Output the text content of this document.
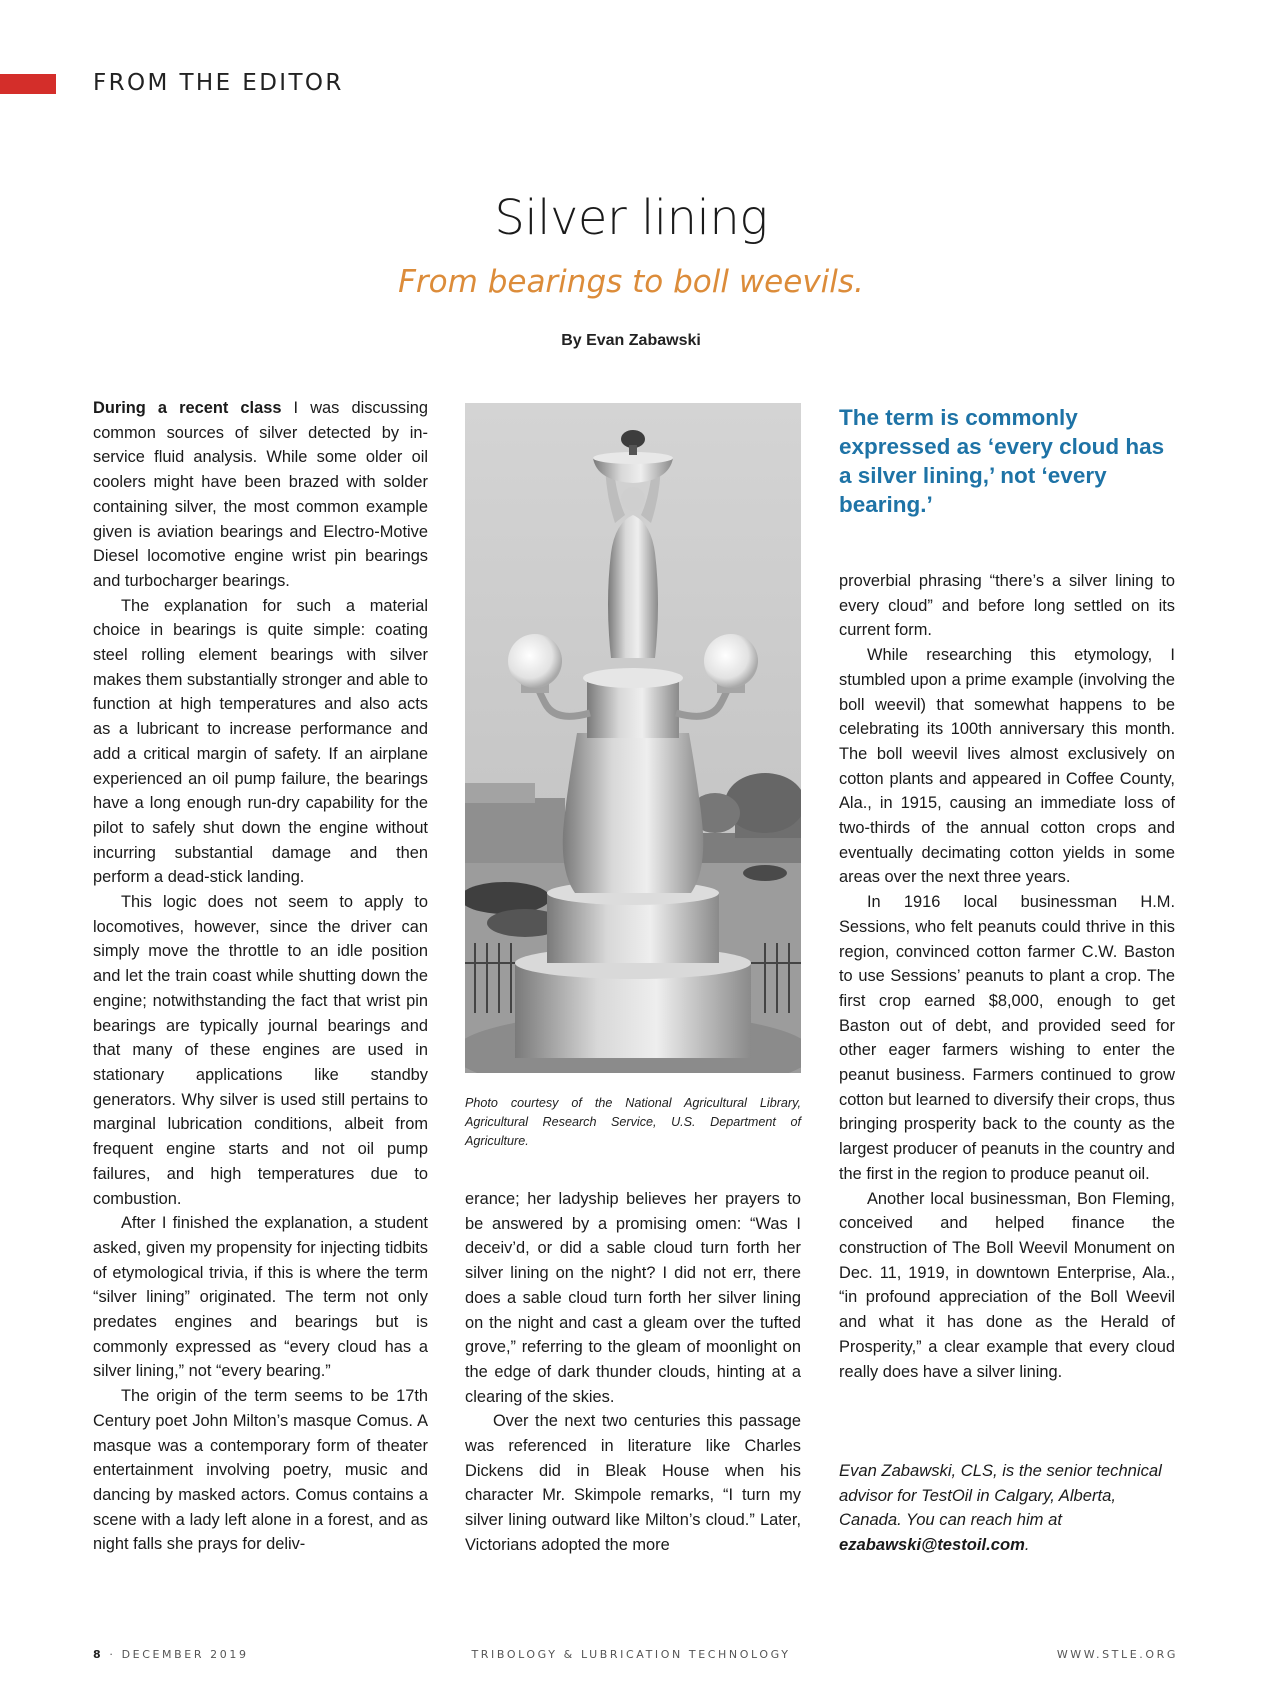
FROM THE EDITOR
Silver lining
From bearings to boll weevils.
By Evan Zabawski

During a recent class I was discussing common sources of silver detected by in-service fluid analysis. While some older oil coolers might have been brazed with solder containing silver, the most common example given is aviation bearings and Electro-Motive Diesel locomotive engine wrist pin bearings and turbocharger bearings.

The explanation for such a material choice in bearings is quite simple: coating steel rolling element bearings with silver makes them substantially stronger and able to function at high temperatures and also acts as a lubricant to increase performance and add a critical margin of safety. If an airplane experienced an oil pump failure, the bearings have a long enough run-dry capability for the pilot to safely shut down the engine without incurring substantial damage and then perform a dead-stick landing.

This logic does not seem to apply to locomotives, however, since the driver can simply move the throttle to an idle position and let the train coast while shutting down the engine; notwithstanding the fact that wrist pin bearings are typically journal bearings and that many of these engines are used in stationary applications like standby generators. Why silver is used still pertains to marginal lubrication conditions, albeit from frequent engine starts and not oil pump failures, and high temperatures due to combustion.

After I finished the explanation, a student asked, given my propensity for injecting tidbits of etymological trivia, if this is where the term “silver lining” originated. The term not only predates engines and bearings but is commonly expressed as “every cloud has a silver lining,” not “every bearing.”

The origin of the term seems to be 17th Century poet John Milton’s masque Comus. A masque was a contemporary form of theater entertainment involving poetry, music and dancing by masked actors. Comus contains a scene with a lady left alone in a forest, and as night falls she prays for deliv-

Photo courtesy of the National Agricultural Library, Agricultural Research Service, U.S. Department of Agriculture.

erance; her ladyship believes her prayers to be answered by a promising omen: “Was I deceiv’d, or did a sable cloud turn forth her silver lining on the night? I did not err, there does a sable cloud turn forth her silver lining on the night and cast a gleam over the tufted grove,” referring to the gleam of moonlight on the edge of dark thunder clouds, hinting at a clearing of the skies.

Over the next two centuries this passage was referenced in literature like Charles Dickens did in Bleak House when his character Mr. Skimpole remarks, “I turn my silver lining outward like Milton’s cloud.” Later, Victorians adopted the more

The term is commonly expressed as ‘every cloud has a silver lining,’ not ‘every bearing.’

proverbial phrasing “there’s a silver lining to every cloud” and before long settled on its current form.

While researching this etymology, I stumbled upon a prime example (involving the boll weevil) that somewhat happens to be celebrating its 100th anniversary this month. The boll weevil lives almost exclusively on cotton plants and appeared in Coffee County, Ala., in 1915, causing an immediate loss of two-thirds of the annual cotton crops and eventually decimating cotton yields in some areas over the next three years.

In 1916 local businessman H.M. Sessions, who felt peanuts could thrive in this region, convinced cotton farmer C.W. Baston to use Sessions’ peanuts to plant a crop. The first crop earned $8,000, enough to get Baston out of debt, and provided seed for other eager farmers wishing to enter the peanut business. Farmers continued to grow cotton but learned to diversify their crops, thus bringing prosperity back to the county as the largest producer of peanuts in the country and the first in the region to produce peanut oil.

Another local businessman, Bon Fleming, conceived and helped finance the construction of The Boll Weevil Monument on Dec. 11, 1919, in downtown Enterprise, Ala., “in profound appreciation of the Boll Weevil and what it has done as the Herald of Prosperity,” a clear example that every cloud really does have a silver lining.

Evan Zabawski, CLS, is the senior technical advisor for TestOil in Calgary, Alberta, Canada. You can reach him at ezabawski@testoil.com.
8 · DECEMBER 2019	TRIBOLOGY & LUBRICATION TECHNOLOGY	WWW.STLE.ORG
